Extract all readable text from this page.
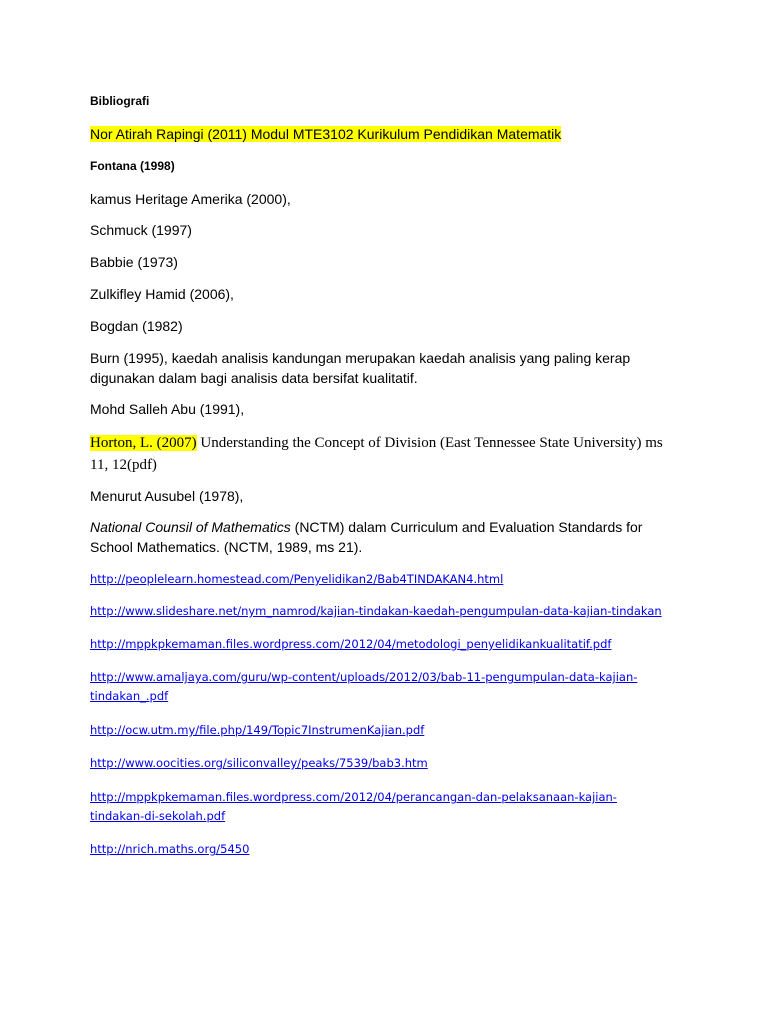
Bibliografi

Nor Atirah Rapingi (2011) Modul MTE3102 Kurikulum Pendidikan Matematik

Fontana (1998)

kamus Heritage Amerika (2000),

Schmuck (1997)

Babbie (1973)

Zulkifley Hamid (2006),

Bogdan (1982)

Burn (1995), kaedah analisis kandungan merupakan kaedah analisis yang paling kerap digunakan dalam bagi analisis data bersifat kualitatif.

Mohd Salleh Abu (1991),

Horton, L. (2007) Understanding the Concept of Division (East Tennessee State University) ms 11, 12(pdf)

Menurut Ausubel (1978),

National Counsil of Mathematics (NCTM) dalam Curriculum and Evaluation Standards for School Mathematics. (NCTM, 1989, ms 21).

http://peoplelearn.homestead.com/Penyelidikan2/Bab4TINDAKAN4.html
http://www.slideshare.net/nym_namrod/kajian-tindakan-kaedah-pengumpulan-data-kajian-tindakan
http://mppkpkemaman.files.wordpress.com/2012/04/metodologi_penyelidikankualitatif.pdf
http://www.amaljaya.com/guru/wp-content/uploads/2012/03/bab-11-pengumpulan-data-kajian-tindakan_.pdf
http://ocw.utm.my/file.php/149/Topic7InstrumenKajian.pdf
http://www.oocities.org/siliconvalley/peaks/7539/bab3.htm
http://mppkpkemaman.files.wordpress.com/2012/04/perancangan-dan-pelaksanaan-kajian-tindakan-di-sekolah.pdf
http://nrich.maths.org/5450
